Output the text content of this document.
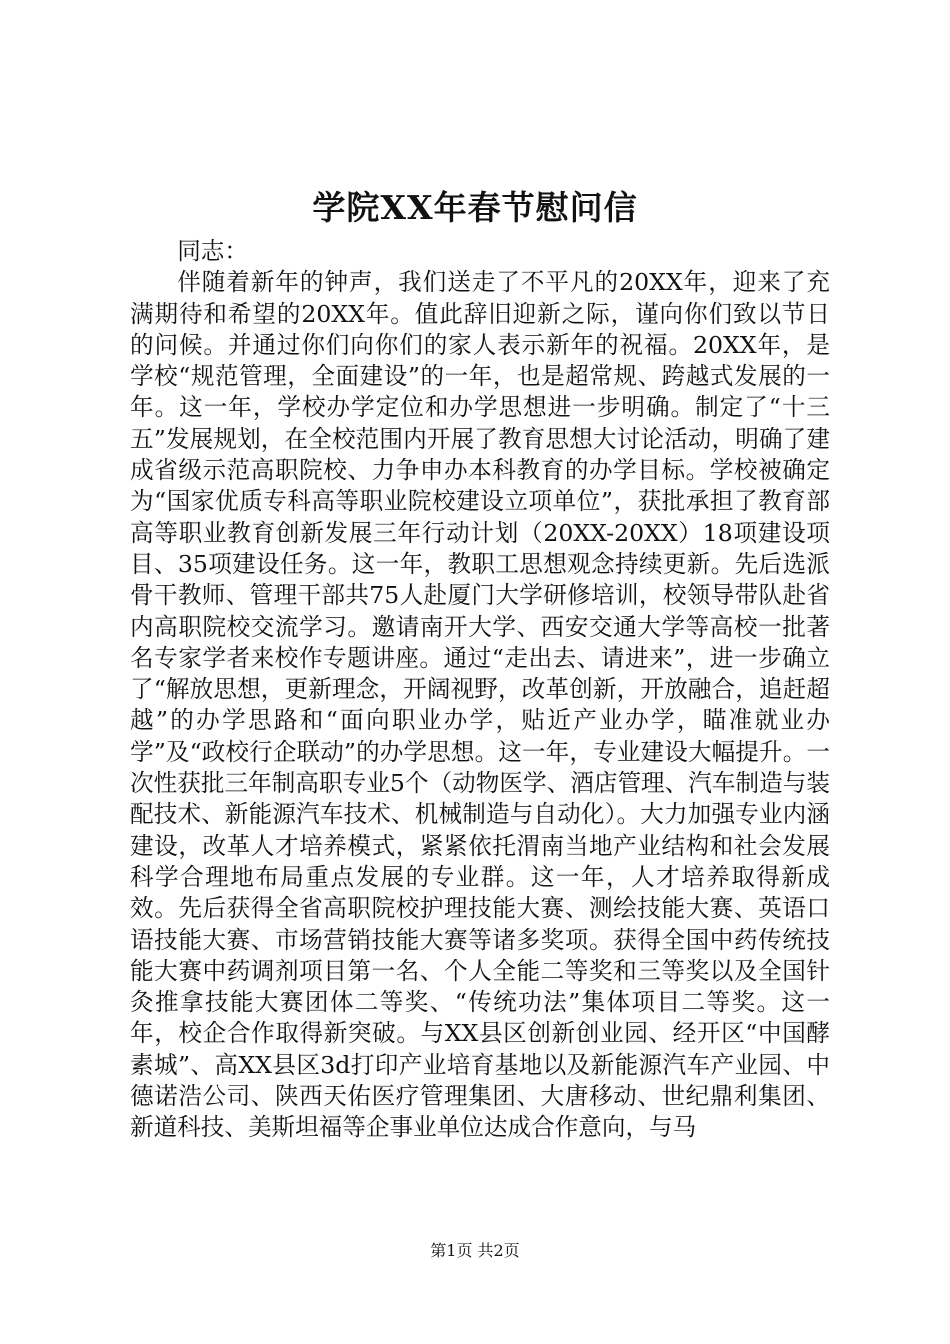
学院XX年春节慰问信

同志：

伴随着新年的钟声，我们送走了不平凡的20XX年，迎来了充满期待和希望的20XX年。值此辞旧迎新之际，谨向你们致以节日的问候。并通过你们向你们的家人表示新年的祝福。20XX年，是学校“规范管理，全面建设”的一年，也是超常规、跨越式发展的一年。这一年，学校办学定位和办学思想进一步明确。制定了“十三五”发展规划，在全校范围内开展了教育思想大讨论活动，明确了建成省级示范高职院校、力争申办本科教育的办学目标。学校被确定为“国家优质专科高等职业院校建设立项单位”，获批承担了教育部高等职业教育创新发展三年行动计划（20XX-20XX）18项建设项目、35项建设任务。这一年，教职工思想观念持续更新。先后选派骨干教师、管理干部共75人赴厦门大学研修培训，校领导带队赴省内高职院校交流学习。邀请南开大学、西安交通大学等高校一批著名专家学者来校作专题讲座。通过“走出去、请进来”，进一步确立了“解放思想，更新理念，开阔视野，改革创新，开放融合，追赶超越”的办学思路和“面向职业办学，贴近产业办学，瞄准就业办学”及“政校行企联动”的办学思想。这一年，专业建设大幅提升。一次性获批三年制高职专业5个（动物医学、酒店管理、汽车制造与装配技术、新能源汽车技术、机械制造与自动化）。大力加强专业内涵建设，改革人才培养模式，紧紧依托渭南当地产业结构和社会发展科学合理地布局重点发展的专业群。这一年，人才培养取得新成效。先后获得全省高职院校护理技能大赛、测绘技能大赛、英语口语技能大赛、市场营销技能大赛等诸多奖项。获得全国中药传统技能大赛中药调剂项目第一名、个人全能二等奖和三等奖以及全国针灸推拿技能大赛团体二等奖、“传统功法”集体项目二等奖。这一年，校企合作取得新突破。与XX县区创新创业园、经开区“中国酵素城”、高XX县区3d打印产业培育基地以及新能源汽车产业园、中德诺浩公司、陕西天佑医疗管理集团、大唐移动、世纪鼎利集团、新道科技、美斯坦福等企事业单位达成合作意向，与马

第1页 共2页
